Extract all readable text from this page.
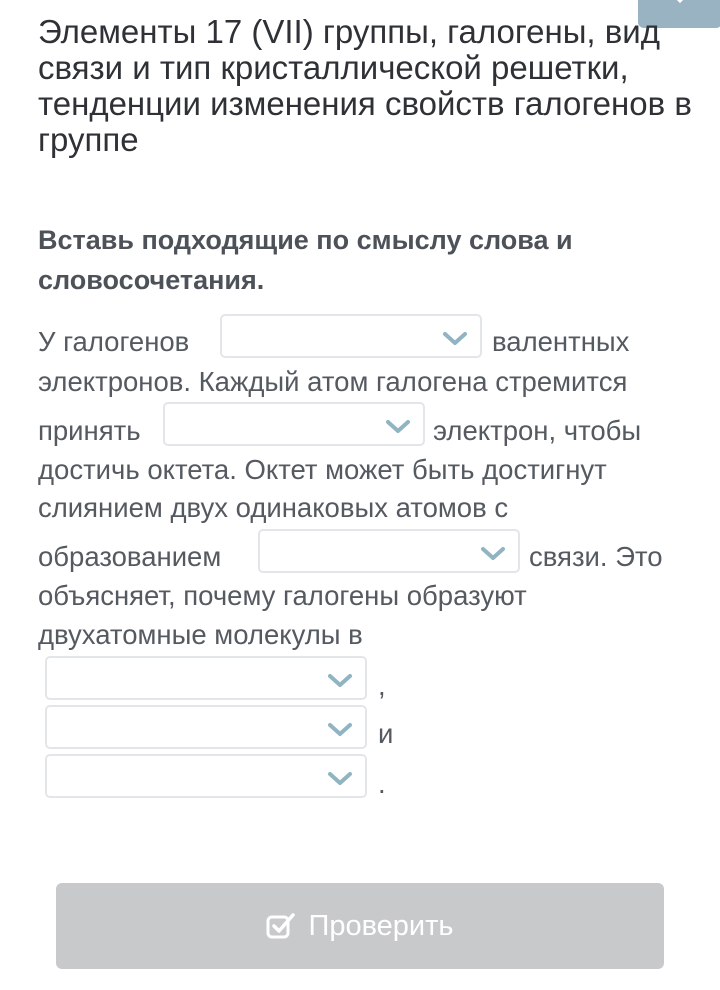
Элементы 17 (VII) группы, галогены, вид связи и тип кристаллической решетки, тенденции изменения свойств галогенов в группе

Вставь подходящие по смыслу слова и словосочетания.

У галогенов	валентных
электронов. Каждый атом галогена стремится
принять	электрон, чтобы
достичь октета. Октет может быть достигнут
слиянием двух одинаковых атомов с
образованием	связи. Это
объясняет, почему галогены образуют
двухатомные молекулы в
,
и
.
Проверить
